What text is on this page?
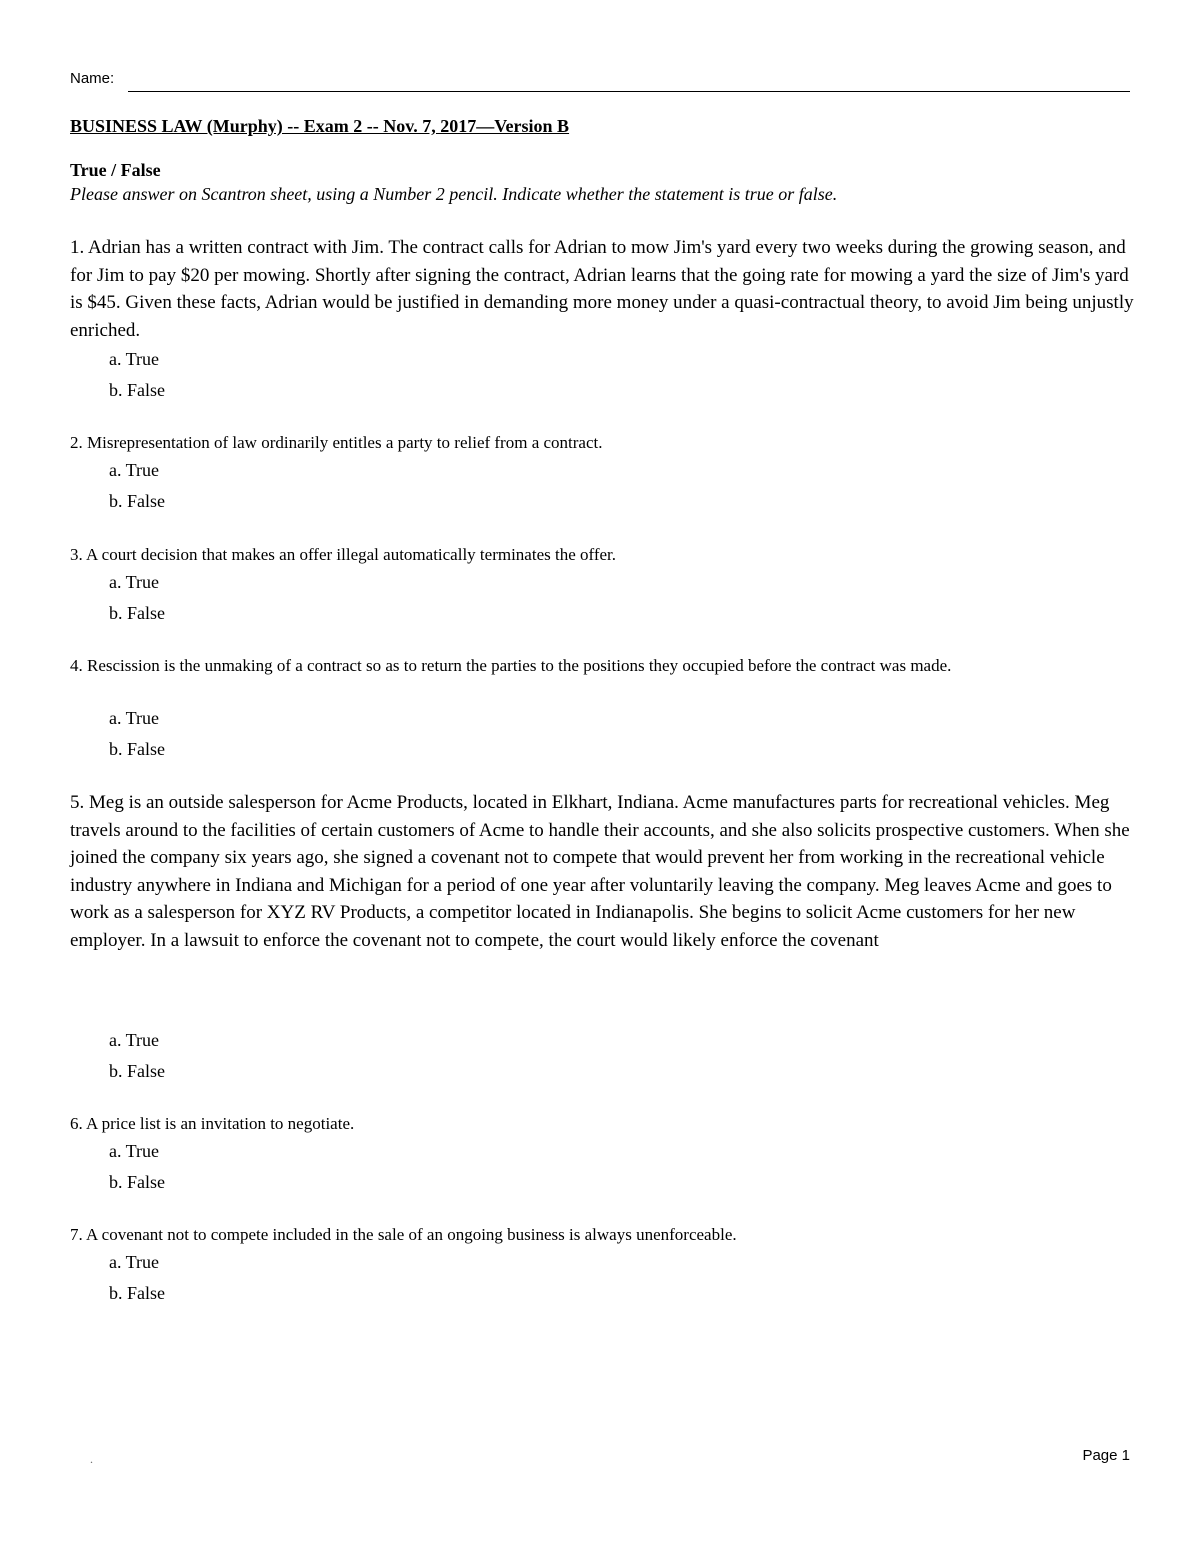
Name:
BUSINESS LAW (Murphy) -- Exam 2 -- Nov. 7, 2017—Version B
True / False
Please answer on Scantron sheet, using a Number 2 pencil. Indicate whether the statement is true or false.
1. Adrian has a written contract with Jim. The contract calls for Adrian to mow Jim's yard every two weeks during the growing season, and for Jim to pay $20 per mowing. Shortly after signing the contract, Adrian learns that the going rate for mowing a yard the size of Jim's yard is $45. Given these facts, Adrian would be justified in demanding more money under a quasi-contractual theory, to avoid Jim being unjustly enriched.
a. True
b. False
2. Misrepresentation of law ordinarily entitles a party to relief from a contract.
a. True
b. False
3. A court decision that makes an offer illegal automatically terminates the offer.
a. True
b. False
4. Rescission is the unmaking of a contract so as to return the parties to the positions they occupied before the contract was made.
a. True
b. False
5. Meg is an outside salesperson for Acme Products, located in Elkhart, Indiana. Acme manufactures parts for recreational vehicles. Meg travels around to the facilities of certain customers of Acme to handle their accounts, and she also solicits prospective customers. When she joined the company six years ago, she signed a covenant not to compete that would prevent her from working in the recreational vehicle industry anywhere in Indiana and Michigan for a period of one year after voluntarily leaving the company. Meg leaves Acme and goes to work as a salesperson for XYZ RV Products, a competitor located in Indianapolis. She begins to solicit Acme customers for her new employer. In a lawsuit to enforce the covenant not to compete, the court would likely enforce the covenant
a. True
b. False
6. A price list is an invitation to negotiate.
a. True
b. False
7. A covenant not to compete included in the sale of an ongoing business is always unenforceable.
a. True
b. False
.	Page 1
